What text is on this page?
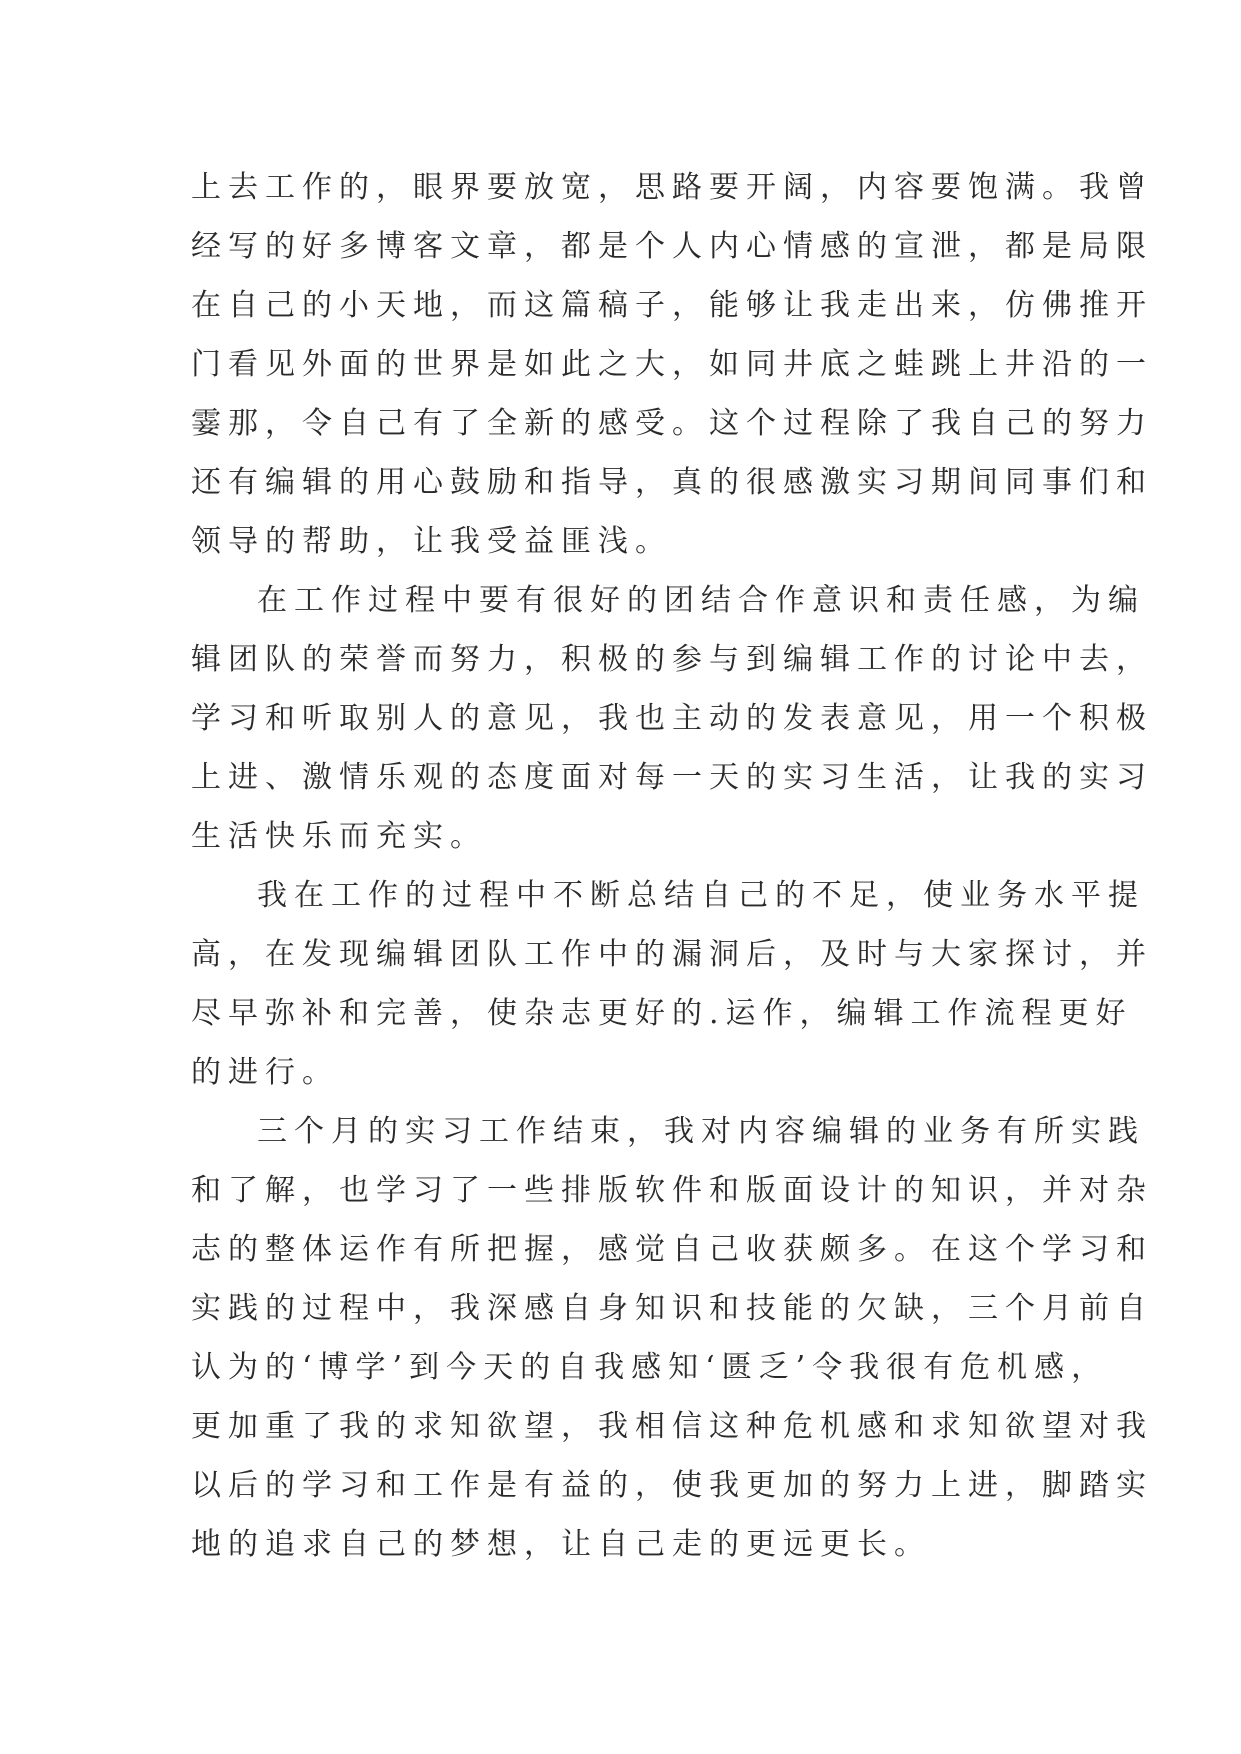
上去工作的，眼界要放宽，思路要开阔，内容要饱满。我曾
经写的好多博客文章，都是个人内心情感的宣泄，都是局限
在自己的小天地，而这篇稿子，能够让我走出来，仿佛推开
门看见外面的世界是如此之大，如同井底之蛙跳上井沿的一
霎那，令自己有了全新的感受。这个过程除了我自己的努力
还有编辑的用心鼓励和指导，真的很感激实习期间同事们和
领导的帮助，让我受益匪浅。
在工作过程中要有很好的团结合作意识和责任感，为编
辑团队的荣誉而努力，积极的参与到编辑工作的讨论中去，
学习和听取别人的意见，我也主动的发表意见，用一个积极
上进、激情乐观的态度面对每一天的实习生活，让我的实习
生活快乐而充实。
我在工作的过程中不断总结自己的不足，使业务水平提
高，在发现编辑团队工作中的漏洞后，及时与大家探讨，并
尽早弥补和完善，使杂志更好的.运作，编辑工作流程更好
的进行。
三个月的实习工作结束，我对内容编辑的业务有所实践
和了解，也学习了一些排版软件和版面设计的知识，并对杂
志的整体运作有所把握，感觉自己收获颇多。在这个学习和
实践的过程中，我深感自身知识和技能的欠缺，三个月前自
认为的‘博学’到今天的自我感知‘匮乏’令我很有危机感，
更加重了我的求知欲望，我相信这种危机感和求知欲望对我
以后的学习和工作是有益的，使我更加的努力上进，脚踏实
地的追求自己的梦想，让自己走的更远更长。
